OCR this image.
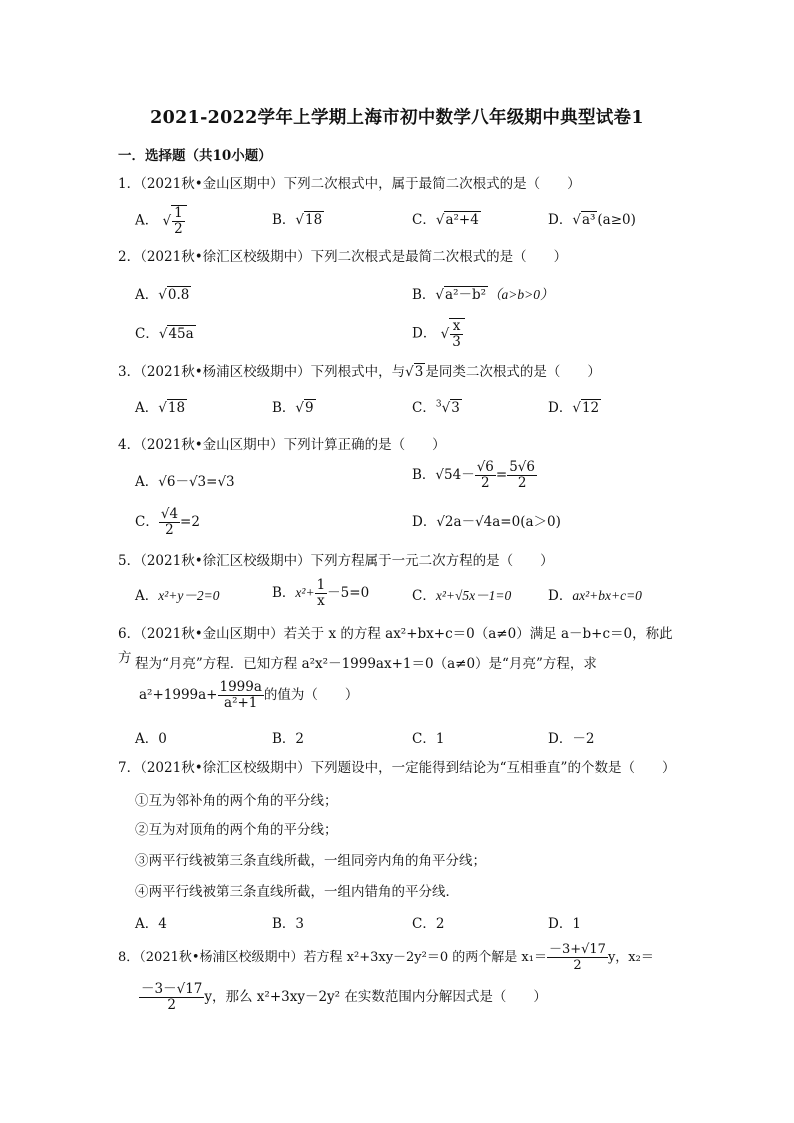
2021-2022学年上学期上海市初中数学八年级期中典型试卷1
一．选择题（共10小题）
1．（2021秋•金山区期中）下列二次根式中，属于最简二次根式的是（　　）
A． √ $\frac{1}{2}$	B．√18	C．√a²+4	D．√a³ (a≥0)
2．（2021秋•徐汇区校级期中）下列二次根式是最简二次根式的是（　　）
A．√0.8	B．√a²－b² （a>b>0）
C．√45a	D． √ $\frac{x}{3}$
3．（2021秋•杨浦区校级期中）下列根式中，与√3 是同类二次根式的是（　　）
A．√18	B．√9	C．$^3$√3	D．√12
4．（2021秋•金山区期中）下列计算正确的是（　　）
A．√6－√3=√3	B．$√54- \frac{√6}{2} = \frac{5√6}{2}$
C． $\frac{√4}{2} =2$	D．√2a－√4a=0(a＞0)
5．（2021秋•徐汇区校级期中）下列方程属于一元二次方程的是（　　）
A．x²+y－2=0	B．$x^2+ \frac{1}{x} -5=0$	C．x²+√5x－1=0	D．ax²+bx+c=0
6．（2021秋•金山区期中）若关于 x 的方程 ax²+bx+c＝0（a≠0）满足 a－b+c＝0，称此方 程为“月亮”方程．已知方程 a²x²－1999ax+1＝0（a≠0）是“月亮”方程，求
$a^2+1999a+ \frac{1999a}{\text{a²+1}}$ 的值为（　　）
A．0	B．2	C．1	D．－2
7．（2021秋•徐汇区校级期中）下列题设中，一定能得到结论为“互相垂直”的个数是（　　）
①互为邻补角的两个角的平分线；
②互为对顶角的两个角的平分线；
③两平行线被第三条直线所截，一组同旁内角的角平分线；
④两平行线被第三条直线所截，一组内错角的平分线．
A．4	B．3	C．2	D．1
8．（2021秋•杨浦区校级期中）若方程 x²+3xy－2y²＝0 的两个解是 $x_1= \frac{-3+√17}{2}$ y，x₂＝
$\frac{-3-√17}{2}$ y，那么 x²+3xy－2y² 在实数范围内分解因式是（　　）
